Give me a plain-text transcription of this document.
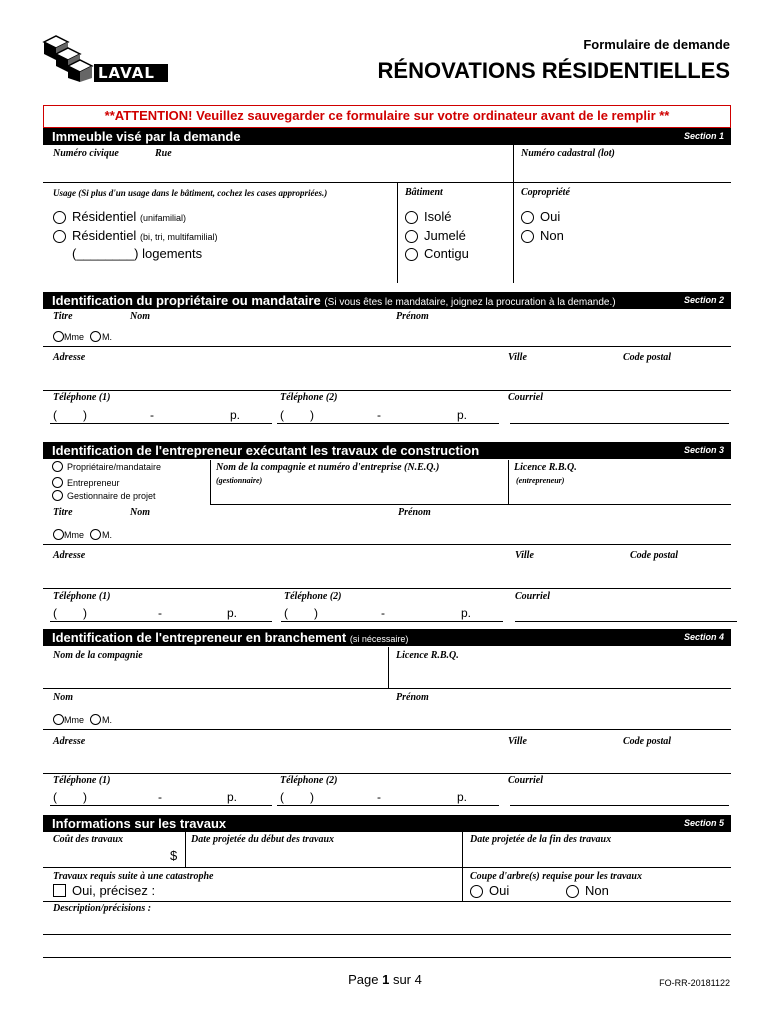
LAVAL
Formulaire de demande
RÉNOVATIONS RÉSIDENTIELLES
**ATTENTION! Veuillez sauvegarder ce formulaire sur votre ordinateur avant de le remplir **
Immeuble visé par la demande	Section 1
Numéro civique	Rue	Numéro cadastral (lot)
Usage (Si plus d'un usage dans le bâtiment, cochez les cases appropriées.)	Bâtiment	Copropriété
Résidentiel (unifamilial)
Résidentiel (bi, tri, multifamilial)
(________) logements
Isolé
Jumelé
Contigu
Oui
Non
Identification du propriétaire ou mandataire (Si vous êtes le mandataire, joignez la procuration à la demande.)	Section 2
Titre	Nom	Prénom
Mme M.
Adresse	Ville	Code postal
Téléphone (1)	Téléphone (2)	Courriel
( )	-	p.	( )	-	p.
Identification de l'entrepreneur exécutant les travaux de construction	Section 3
Propriétaire/mandataire
Entrepreneur
Gestionnaire de projet
Nom de la compagnie et numéro d'entreprise (N.E.Q.)
(gestionnaire)
Licence R.B.Q.
(entrepreneur)
Titre	Nom	Prénom
Mme M.
Adresse	Ville	Code postal
Téléphone (1)	Téléphone (2)	Courriel
( )	-	p.	( )	-	p.
Identification de l'entrepreneur en branchement (si nécessaire)	Section 4
Nom de la compagnie	Licence R.B.Q.
Nom	Prénom
Mme M.
Adresse	Ville	Code postal
Téléphone (1)	Téléphone (2)	Courriel
( )	-	p.	( )	-	p.
Informations sur les travaux	Section 5
Coût des travaux	Date projetée du début des travaux	Date projetée de la fin des travaux
$
Travaux requis suite à une catastrophe
Oui, précisez :
Coupe d'arbre(s) requise pour les travaux
Oui	Non
Description/précisions :
Page 1 sur 4	FO-RR-20181122
